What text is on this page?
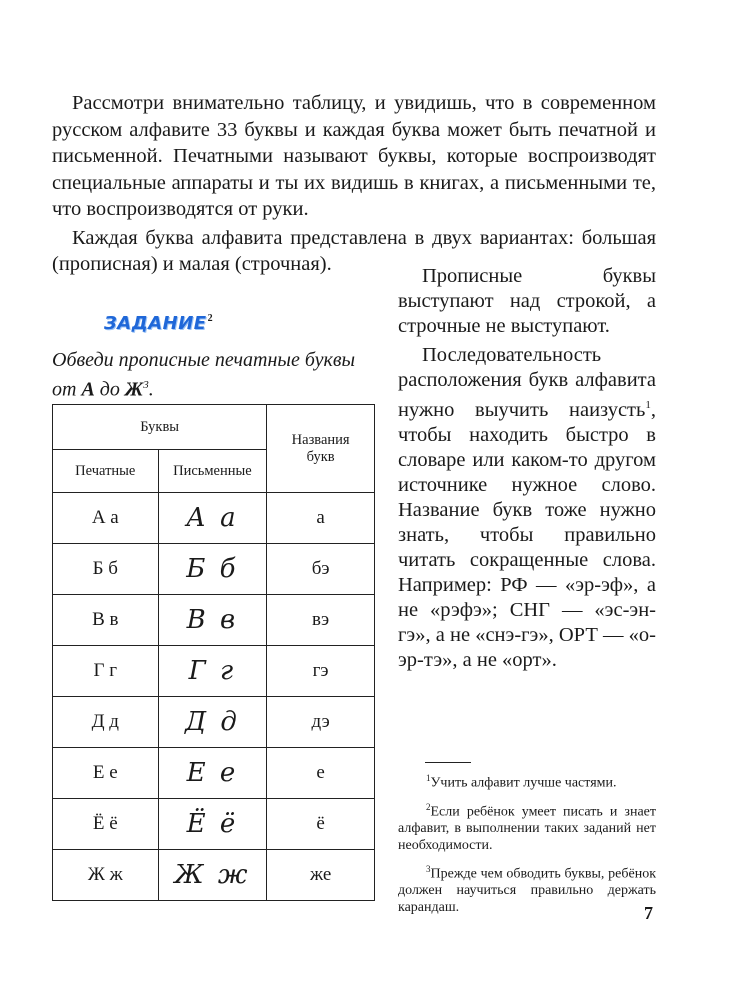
Рассмотри внимательно таблицу, и увидишь, что в современном русском алфавите 33 буквы и каждая буква может быть печатной и письменной. Печатными называют буквы, которые воспроизводят специальные аппараты и ты их видишь в книгах, а письменными те, что воспроизводятся от руки.

Каждая буква алфавита представлена в двух вариантах: большая (прописная) и малая (строчная).

ЗАДАНИЕ$^2$
Обведи прописные печатные буквы от А до $Ж^3$.
Буквы		Названия букв
Печатные	Письменные	
А а	А а	а
Б б	Б б	бэ
В в	В в	вэ
Г г	Г г	гэ
Д д	Д д	дэ
Е е	Е е	е
Ё ё	Ё ё	ё
Ж ж	Ж ж	же

Прописные буквы выступают над строкой, а строчные не выступают.

Последовательность расположения букв алфавита нужно выучить наизусть$^1$, чтобы находить быстро в словаре или каком-то другом источнике нужное слово. Название букв тоже нужно знать, чтобы правильно читать сокращенные слова. Например: РФ — «эр-эф», а не «рэфэ»; СНГ — «эс-эн-гэ», а не «снэ-гэ», ОРТ — «о-эр-тэ», а не «орт».

$^1$Учить алфавит лучше частями.

$^2$Если ребёнок умеет писать и знает алфавит, в выполнении таких заданий нет необходимости.

$^3$Прежде чем обводить буквы, ребёнок должен научиться правильно держать карандаш.	7
